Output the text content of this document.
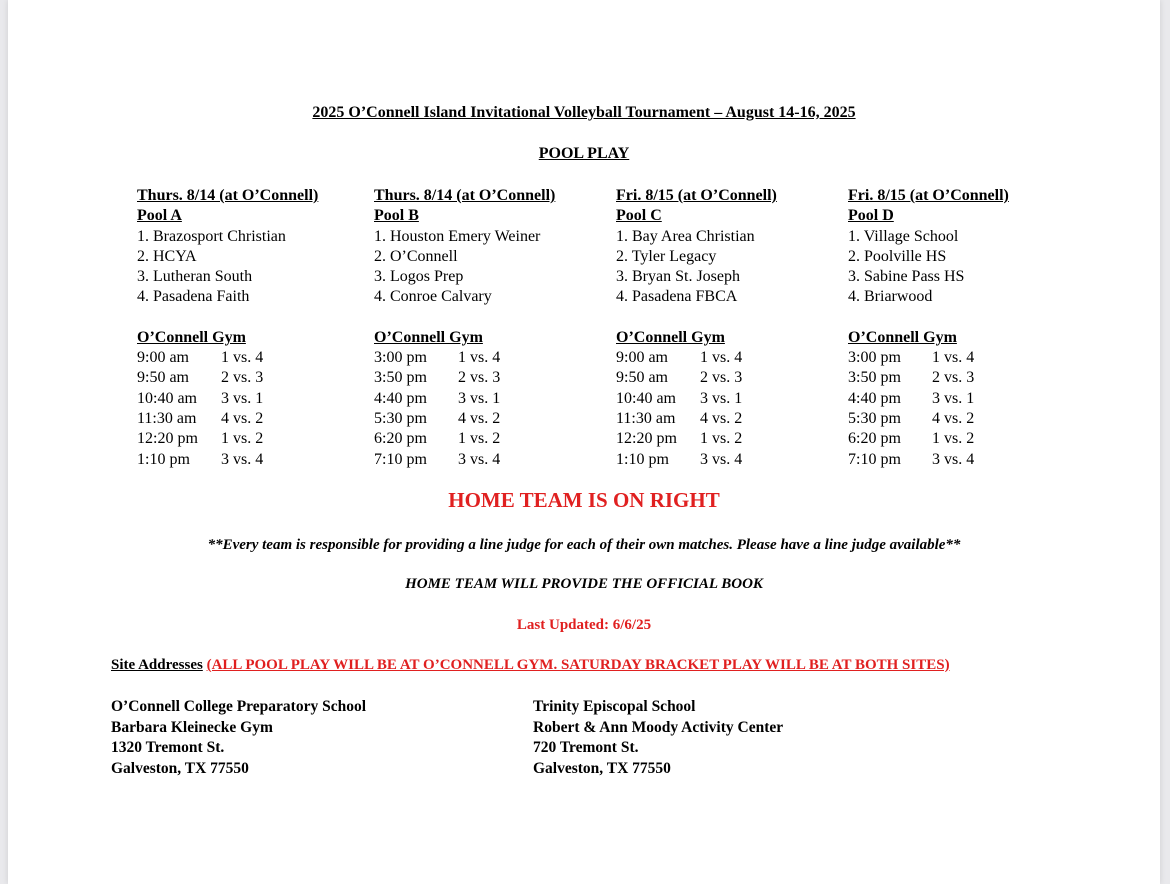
2025 O’Connell Island Invitational Volleyball Tournament – August 14-16, 2025
POOL PLAY
Thurs. 8/14 (at O’Connell)
Pool A
1. Brazosport Christian
2. HCYA
3. Lutheran South
4. Pasadena Faith
O’Connell Gym
9:00 am	1 vs. 4
9:50 am	2 vs. 3
10:40 am	3 vs. 1
11:30 am	4 vs. 2
12:20 pm	1 vs. 2
1:10 pm	3 vs. 4
Thurs. 8/14 (at O’Connell)
Pool B
1. Houston Emery Weiner
2. O’Connell
3. Logos Prep
4. Conroe Calvary
O’Connell Gym
3:00 pm	1 vs. 4
3:50 pm	2 vs. 3
4:40 pm	3 vs. 1
5:30 pm	4 vs. 2
6:20 pm	1 vs. 2
7:10 pm	3 vs. 4
Fri. 8/15 (at O’Connell)
Pool C
1. Bay Area Christian
2. Tyler Legacy
3. Bryan St. Joseph
4. Pasadena FBCA
O’Connell Gym
9:00 am	1 vs. 4
9:50 am	2 vs. 3
10:40 am	3 vs. 1
11:30 am	4 vs. 2
12:20 pm	1 vs. 2
1:10 pm	3 vs. 4
Fri. 8/15 (at O’Connell)
Pool D
1. Village School
2. Poolville HS
3. Sabine Pass HS
4. Briarwood
O’Connell Gym
3:00 pm	1 vs. 4
3:50 pm	2 vs. 3
4:40 pm	3 vs. 1
5:30 pm	4 vs. 2
6:20 pm	1 vs. 2
7:10 pm	3 vs. 4
HOME TEAM IS ON RIGHT
**Every team is responsible for providing a line judge for each of their own matches. Please have a line judge available**
HOME TEAM WILL PROVIDE THE OFFICIAL BOOK
Last Updated: 6/6/25
Site Addresses (ALL POOL PLAY WILL BE AT O’CONNELL GYM. SATURDAY BRACKET PLAY WILL BE AT BOTH SITES)
O’Connell College Preparatory School
Barbara Kleinecke Gym
1320 Tremont St.
Galveston, TX 77550
Trinity Episcopal School
Robert & Ann Moody Activity Center
720 Tremont St.
Galveston, TX 77550
